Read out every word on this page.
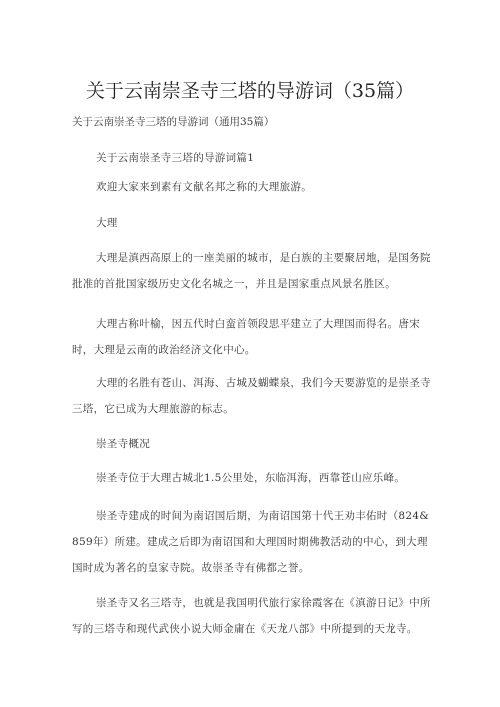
关于云南崇圣寺三塔的导游词（35篇）
关于云南崇圣寺三塔的导游词（通用35篇）

关于云南崇圣寺三塔的导游词篇1

欢迎大家来到素有文献名邦之称的大理旅游。

大理

大理是滇西高原上的一座美丽的城市，是白族的主要聚居地，是国务院批准的首批国家级历史文化名城之一，并且是国家重点风景名胜区。

大理古称叶榆，因五代时白蛮首领段思平建立了大理国而得名。唐宋时，大理是云南的政治经济文化中心。

大理的名胜有苍山、洱海、古城及蝴蝶泉，我们今天要游览的是崇圣寺三塔，它已成为大理旅游的标志。

崇圣寺概况

崇圣寺位于大理古城北1.5公里处，东临洱海，西靠苍山应乐峰。

崇圣寺建成的时间为南诏国后期，为南诏国第十代王劝丰佑时（824&859年）所建。建成之后即为南诏国和大理国时期佛教活动的中心，到大理国时成为著名的皇家寺院。故崇圣寺有佛都之誉。

崇圣寺又名三塔寺，也就是我国明代旅行家徐霞客在《滇游日记》中所写的三塔寺和现代武侠小说大师金庸在《天龙八部》中所提到的天龙寺。
